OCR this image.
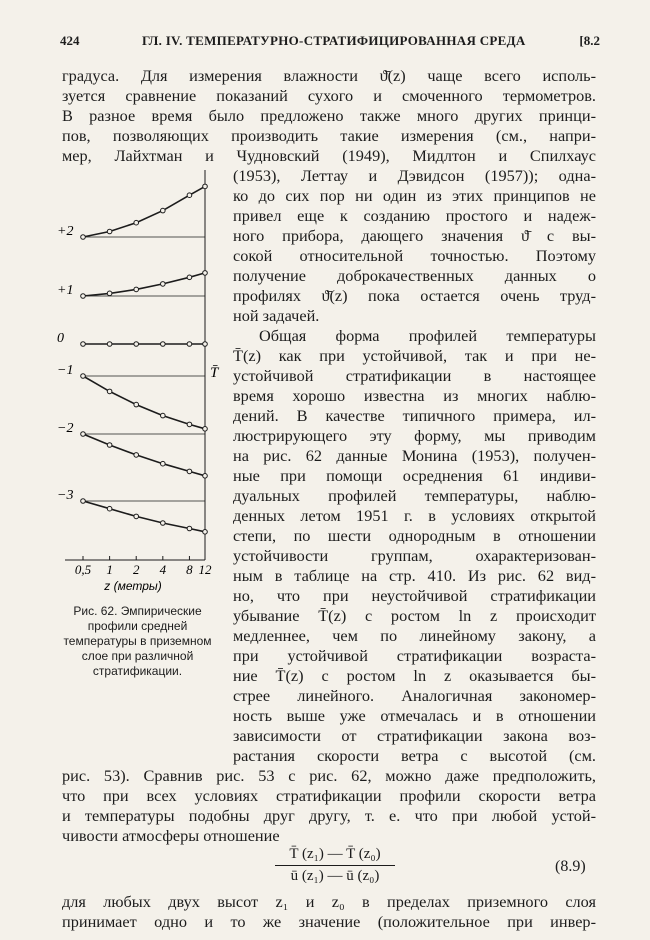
424	ГЛ. IV. ТЕМПЕРАТУРНО-СТРАТИФИЦИРОВАННАЯ СРЕДА	[8.2
градуса. Для измерения влажности ϑ̄(z) чаще всего исполь-
зуется сравнение показаний сухого и смоченного термометров.
В разное время было предложено также много других принци-
пов, позволяющих производить такие измерения (см., напри-
мер, Лайхтман и Чудновский (1949), Мидлтон и Спилхаус
(1953), Леттау и Дэвидсон (1957)); одна-
ко до сих пор ни один из этих принципов не
привел еще к созданию простого и надеж-
ного прибора, дающего значения ϑ̄ с вы-
сокой относительной точностью. Поэтому
получение доброкачественных данных о
профилях ϑ̄(z) пока остается очень труд-
ной задачей.
Общая форма профилей температуры
T̄(z) как при устойчивой, так и при не-
устойчивой стратификации в настоящее
время хорошо известна из многих наблю-
дений. В качестве типичного примера, ил-
люстрирующего эту форму, мы приводим
на рис. 62 данные Монина (1953), получен-
ные при помощи осреднения 61 индиви-
дуальных профилей температуры, наблю-
денных летом 1951 г. в условиях открытой
степи, по шести однородным в отношении
устойчивости группам, охарактеризован-
ным в таблице на стр. 410. Из рис. 62 вид-
но, что при неустойчивой стратификации
убывание T̄(z) с ростом ln z происходит
медленнее, чем по линейному закону, а
при устойчивой стратификации возраста-
ние T̄(z) с ростом ln z оказывается бы-
стрее линейного. Аналогичная закономер-
ность выше уже отмечалась и в отношении
зависимости от стратификации закона воз-
растания скорости ветра с высотой (см.
рис. 53). Сравнив рис. 53 с рис. 62, можно даже предположить,
что при всех условиях стратификации профили скорости ветра
и температуры подобны друг другу, т. е. что при любой устой-
чивости атмосферы отношение
T̄ (z₁) — T̄ (z₀)
ū (z₁) — ū (z₀)
(8.9)
для любых двух высот z₁ и z₀ в пределах приземного слоя
принимает одно и то же значение (положительное при инвер-
T̄
+2
+1
0
−1
−2
−3
0,5 1 2 4 8 12
z (метры)
Рис. 62. Эмпирические профили средней температуры в приземном слое при различной стратификации.
